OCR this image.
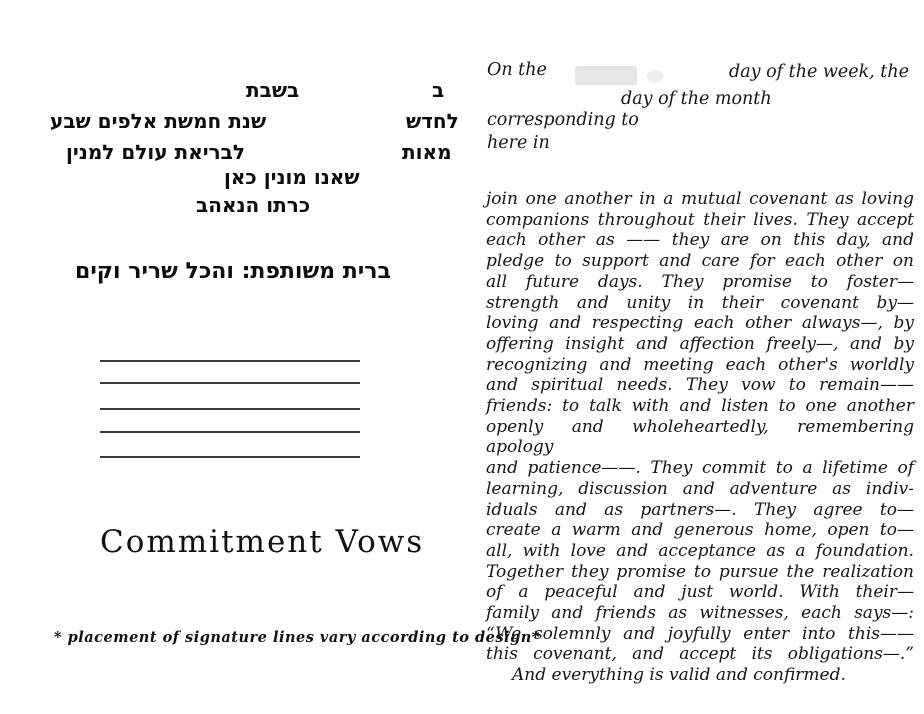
ב
בשבת
לחדש
שנת חמשת אלפים שבע
מאות
לבריאת עולם למנין
שאנו מונין כאן
כרתו הנאהב
ברית משותפת: והכל שריר וקים
Commitment Vows
* placement of signature lines vary according to design*
On the	day of the week, the
day of the month
corresponding to
here in
join one another in a mutual covenant as loving
companions throughout their lives. They accept
each other as —— they are on this day, and
pledge to support and care for each other on
all future days. They promise to foster—
strength and unity in their covenant by—
loving and respecting each other always—, by
offering insight and affection freely—, and by
recognizing and meeting each other's worldly
and spiritual needs. They vow to remain——
friends: to talk with and listen to one another
openly and wholeheartedly, remembering apology
and patience——. They commit to a lifetime of
learning, discussion and adventure as indiv-
iduals and as partners—. They agree to—
create a warm and generous home, open to—
all, with love and acceptance as a foundation.
Together they promise to pursue the realization
of a peaceful and just world. With their—
family and friends as witnesses, each says—:
“We solemnly and joyfully enter into this——
this covenant, and accept its obligations—.”
And everything is valid and confirmed.
